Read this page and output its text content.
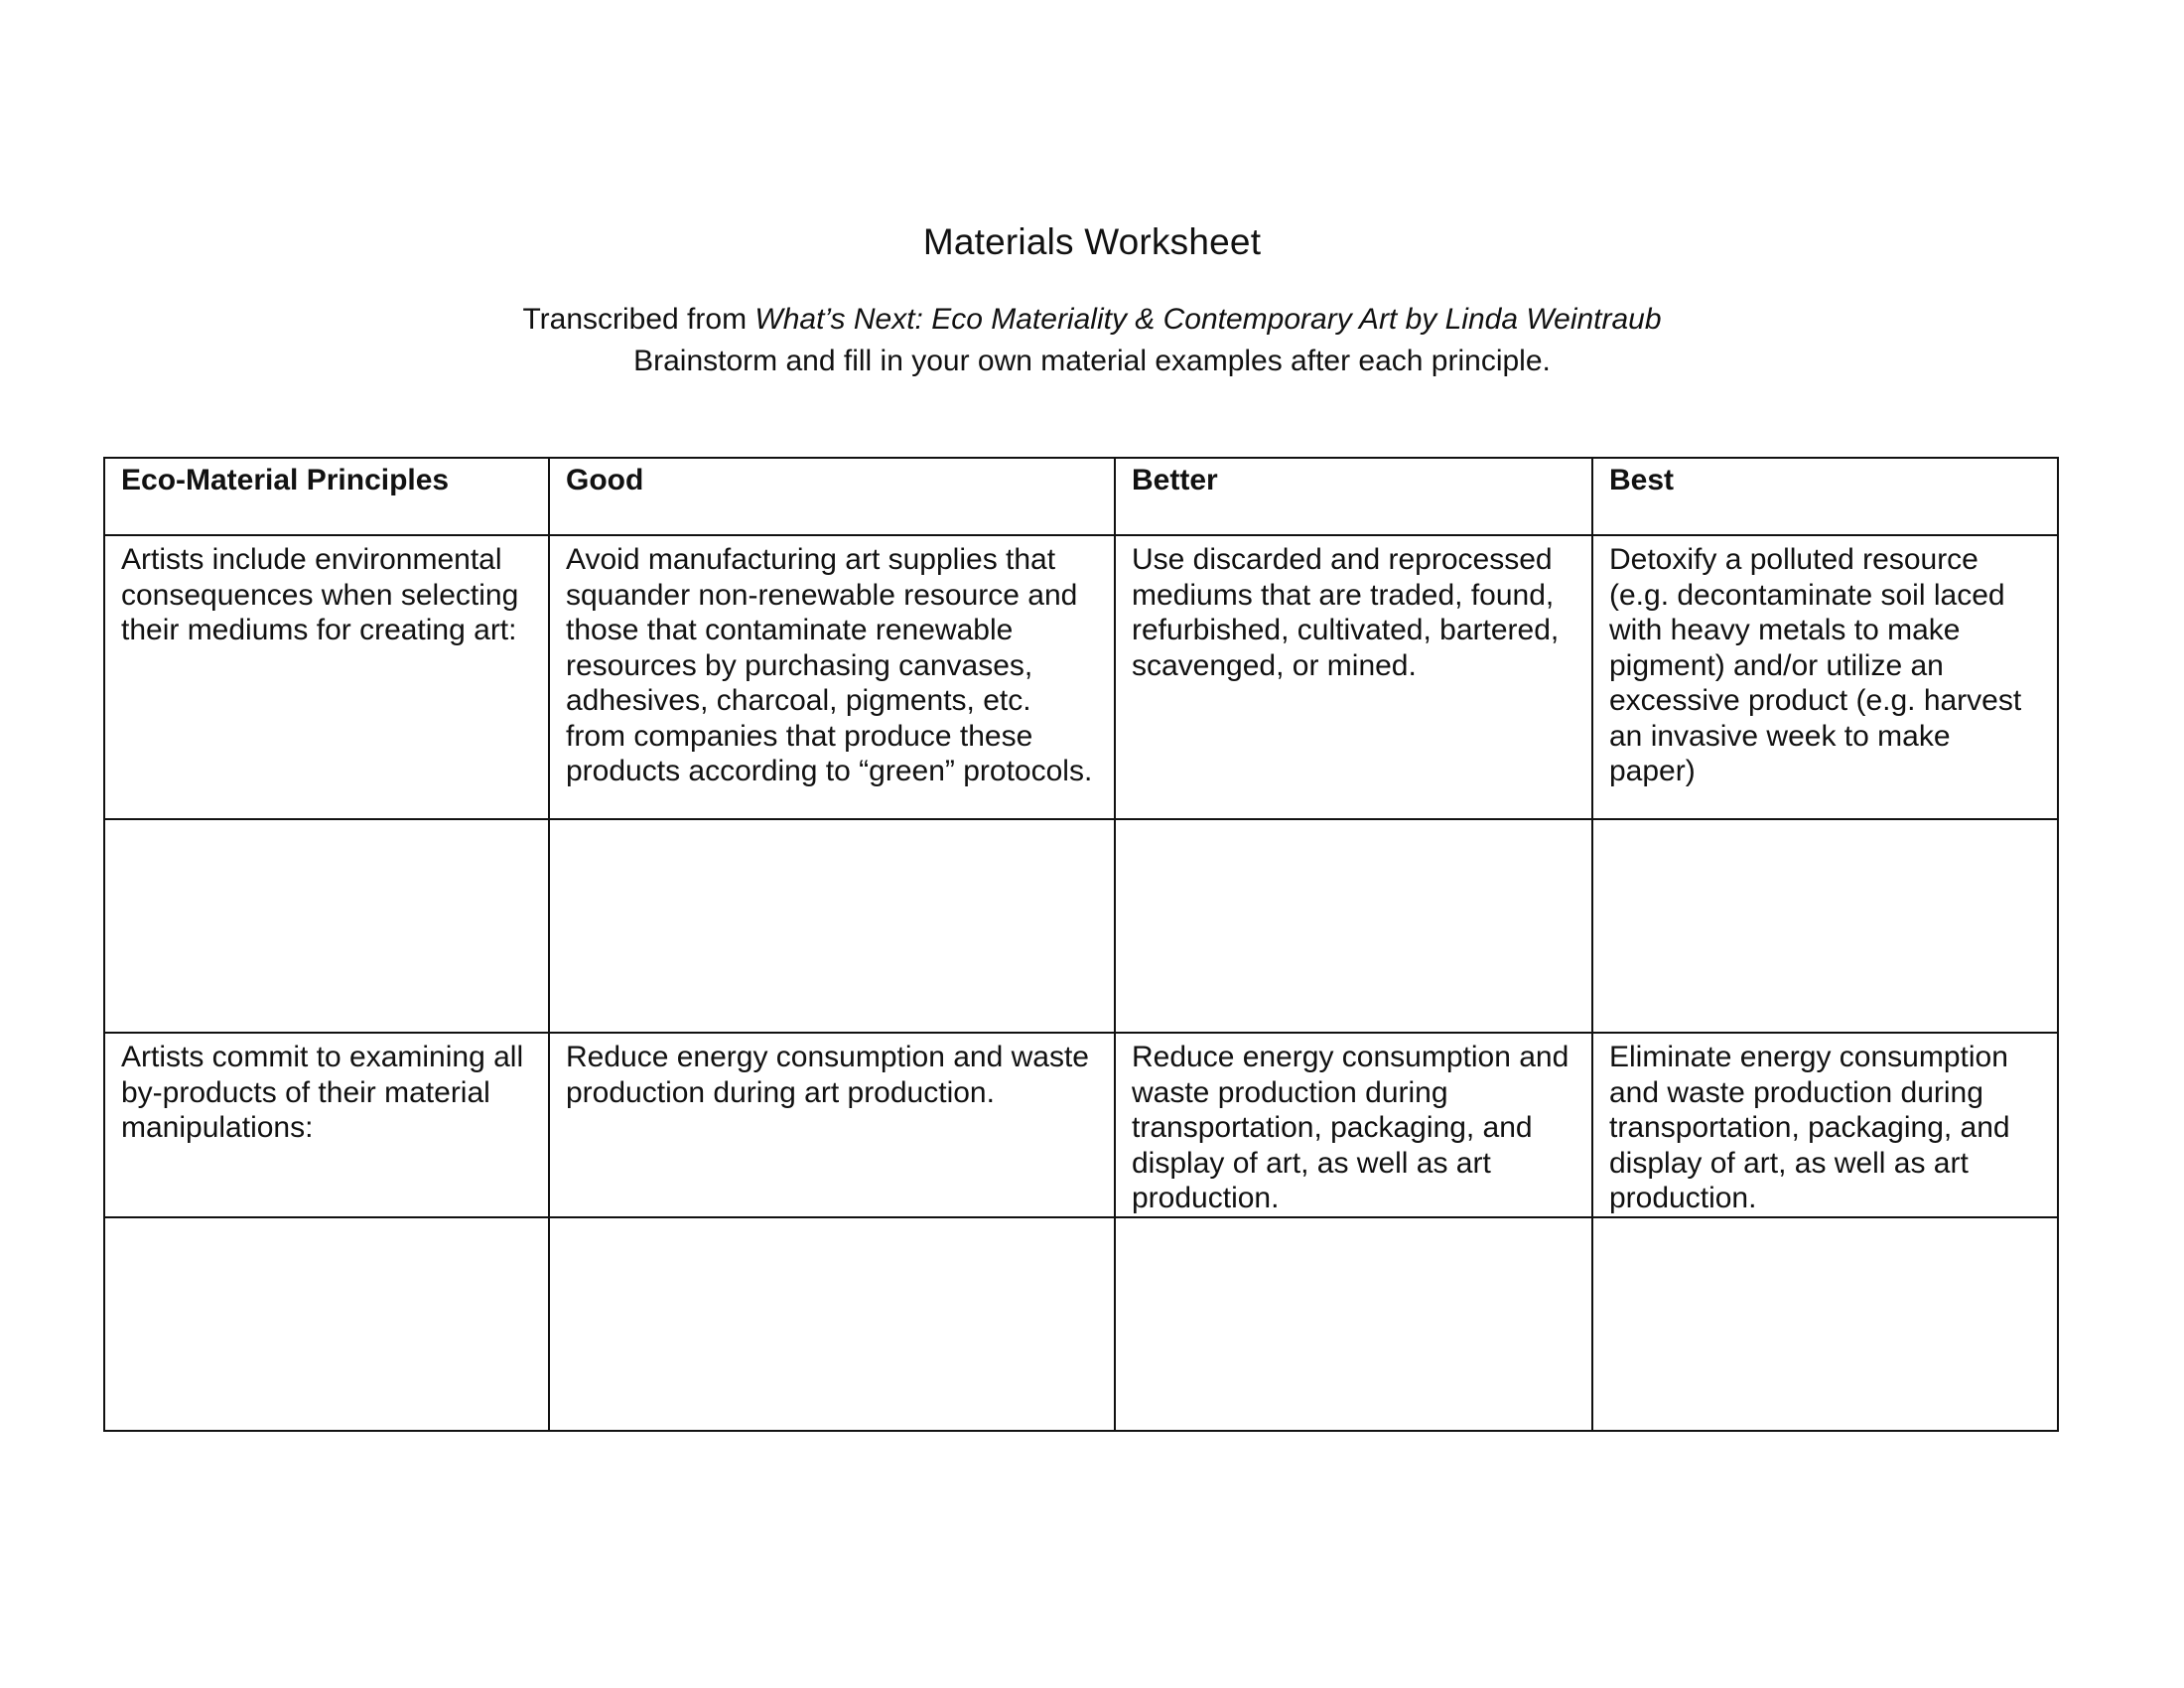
Materials Worksheet
Transcribed from What’s Next: Eco Materiality & Contemporary Art by Linda Weintraub
Brainstorm and fill in your own material examples after each principle.
Eco-Material Principles	Good	Better	Best
Artists include environmental consequences when selecting their mediums for creating art:	Avoid manufacturing art supplies that squander non-renewable resource and those that contaminate renewable resources by purchasing canvases, adhesives, charcoal, pigments, etc. from companies that produce these products according to “green” protocols.	Use discarded and reprocessed mediums that are traded, found, refurbished, cultivated, bartered, scavenged, or mined.	Detoxify a polluted resource (e.g. decontaminate soil laced with heavy metals to make pigment) and/or utilize an excessive product (e.g. harvest an invasive week to make paper)

Artists commit to examining all by-products of their material manipulations:	Reduce energy consumption and waste production during art production.	Reduce energy consumption and waste production during transportation, packaging, and display of art, as well as art production.	Eliminate energy consumption and waste production during transportation, packaging, and display of art, as well as art production.
